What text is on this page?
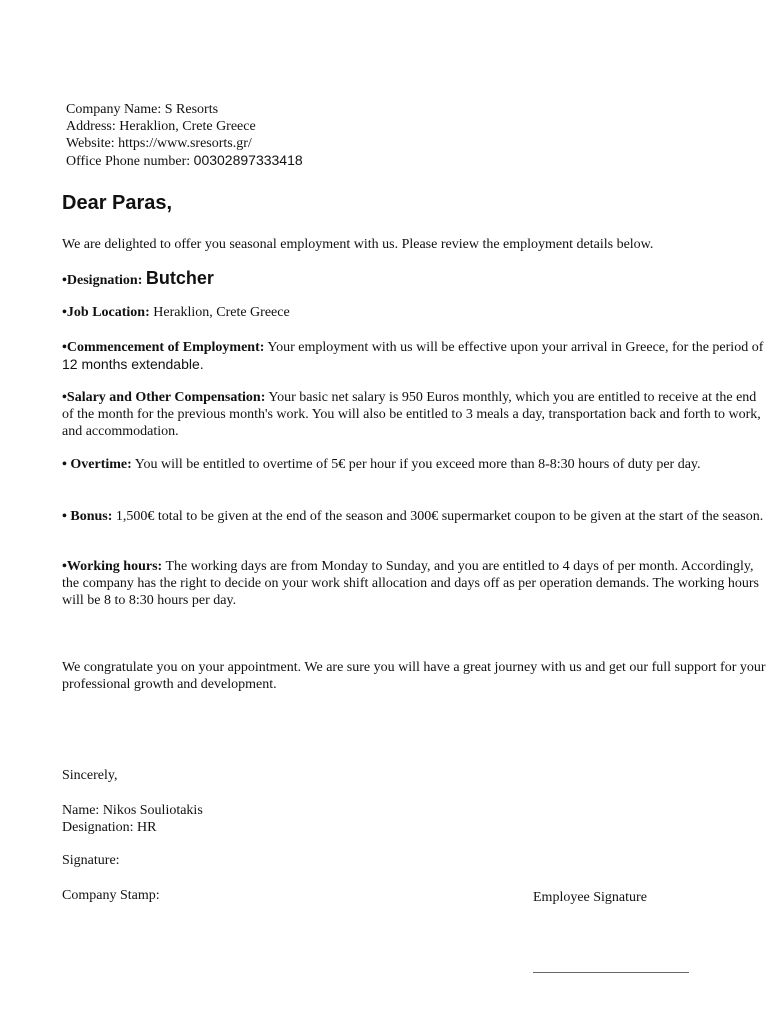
Company Name: S Resorts
Address: Heraklion, Crete Greece
Website: https://www.sresorts.gr/
Office Phone number: 00302897333418
Dear Paras,
We are delighted to offer you seasonal employment with us. Please review the employment details below.
•Designation: Butcher
•Job Location: Heraklion, Crete Greece
•Commencement of Employment: Your employment with us will be effective upon your arrival in Greece, for the period of 12 months extendable.
•Salary and Other Compensation: Your basic net salary is 950 Euros monthly, which you are entitled to receive at the end of the month for the previous month's work. You will also be entitled to 3 meals a day, transportation back and forth to work, and accommodation.
• Overtime: You will be entitled to overtime of 5€ per hour if you exceed more than 8-8:30 hours of duty per day.
• Bonus: 1,500€ total to be given at the end of the season and 300€ supermarket coupon to be given at the start of the season.
•Working hours: The working days are from Monday to Sunday, and you are entitled to 4 days of per month. Accordingly, the company has the right to decide on your work shift allocation and days off as per operation demands. The working hours will be 8 to 8:30 hours per day.
We congratulate you on your appointment. We are sure you will have a great journey with us and get our full support for your professional growth and development.
Sincerely,
Name: Nikos Souliotakis
Designation: HR
Signature:
Company Stamp:	Employee Signature
